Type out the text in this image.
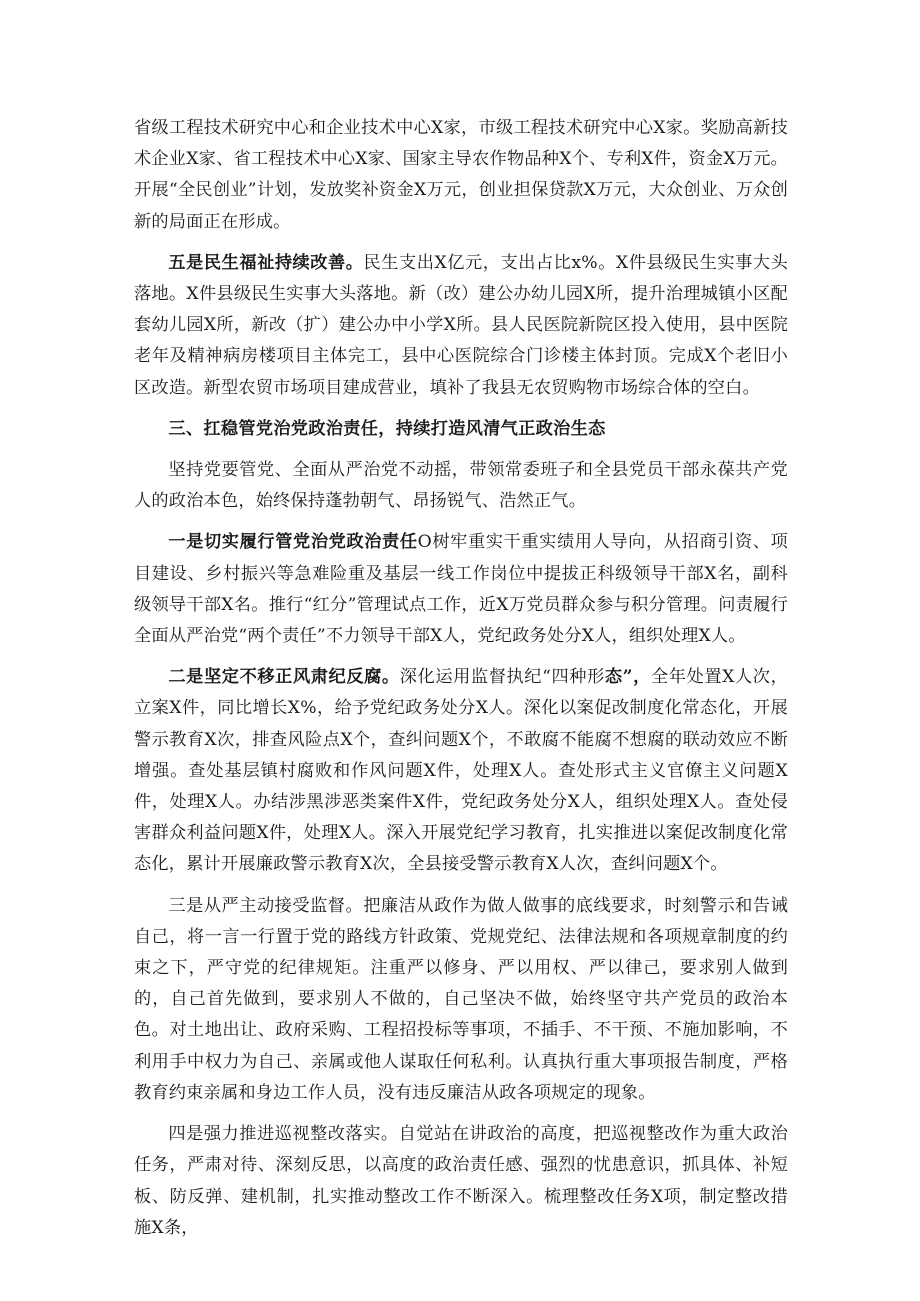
省级工程技术研究中心和企业技术中心X家，市级工程技术研究中心X家。奖励高新技术企业X家、省工程技术中心X家、国家主导农作物品种X个、专利X件，资金X万元。开展“全民创业”计划，发放奖补资金X万元，创业担保贷款X万元，大众创业、万众创新的局面正在形成。

五是民生福祉持续改善。民生支出X亿元，支出占比x%。X件县级民生实事大头落地。X件县级民生实事大头落地。新（改）建公办幼儿园X所，提升治理城镇小区配套幼儿园X所，新改（扩）建公办中小学X所。县人民医院新院区投入使用，县中医院老年及精神病房楼项目主体完工，县中心医院综合门诊楼主体封顶。完成X个老旧小区改造。新型农贸市场项目建成营业，填补了我县无农贸购物市场综合体的空白。

三、扛稳管党治党政治责任，持续打造风清气正政治生态

坚持党要管党、全面从严治党不动摇，带领常委班子和全县党员干部永葆共产党人的政治本色，始终保持蓬勃朝气、昂扬锐气、浩然正气。

一是切实履行管党治党政治责任O树牢重实干重实绩用人导向，从招商引资、项目建设、乡村振兴等急难险重及基层一线工作岗位中提拔正科级领导干部X名，副科级领导干部X名。推行“红分”管理试点工作，近X万党员群众参与积分管理。问责履行全面从严治党“两个责任”不力领导干部X人，党纪政务处分X人，组织处理X人。

二是坚定不移正风肃纪反腐。深化运用监督执纪“四种形态”，全年处置X人次，立案X件，同比增长X%，给予党纪政务处分X人。深化以案促改制度化常态化，开展警示教育X次，排查风险点X个，查纠问题X个，不敢腐不能腐不想腐的联动效应不断增强。查处基层镇村腐败和作风问题X件，处理X人。查处形式主义官僚主义问题X件，处理X人。办结涉黑涉恶类案件X件，党纪政务处分X人，组织处理X人。查处侵害群众利益问题X件，处理X人。深入开展党纪学习教育，扎实推进以案促改制度化常态化，累计开展廉政警示教育X次，全县接受警示教育X人次，查纠问题X个。

三是从严主动接受监督。把廉洁从政作为做人做事的底线要求，时刻警示和告诫自己，将一言一行置于党的路线方针政策、党规党纪、法律法规和各项规章制度的约束之下，严守党的纪律规矩。注重严以修身、严以用权、严以律己，要求别人做到的，自己首先做到，要求别人不做的，自己坚决不做，始终坚守共产党员的政治本色。对土地出让、政府采购、工程招投标等事项，不插手、不干预、不施加影响，不利用手中权力为自己、亲属或他人谋取任何私利。认真执行重大事项报告制度，严格教育约束亲属和身边工作人员，没有违反廉洁从政各项规定的现象。

四是强力推进巡视整改落实。自觉站在讲政治的高度，把巡视整改作为重大政治任务，严肃对待、深刻反思，以高度的政治责任感、强烈的忧患意识，抓具体、补短板、防反弹、建机制，扎实推动整改工作不断深入。梳理整改任务X项，制定整改措施X条，
